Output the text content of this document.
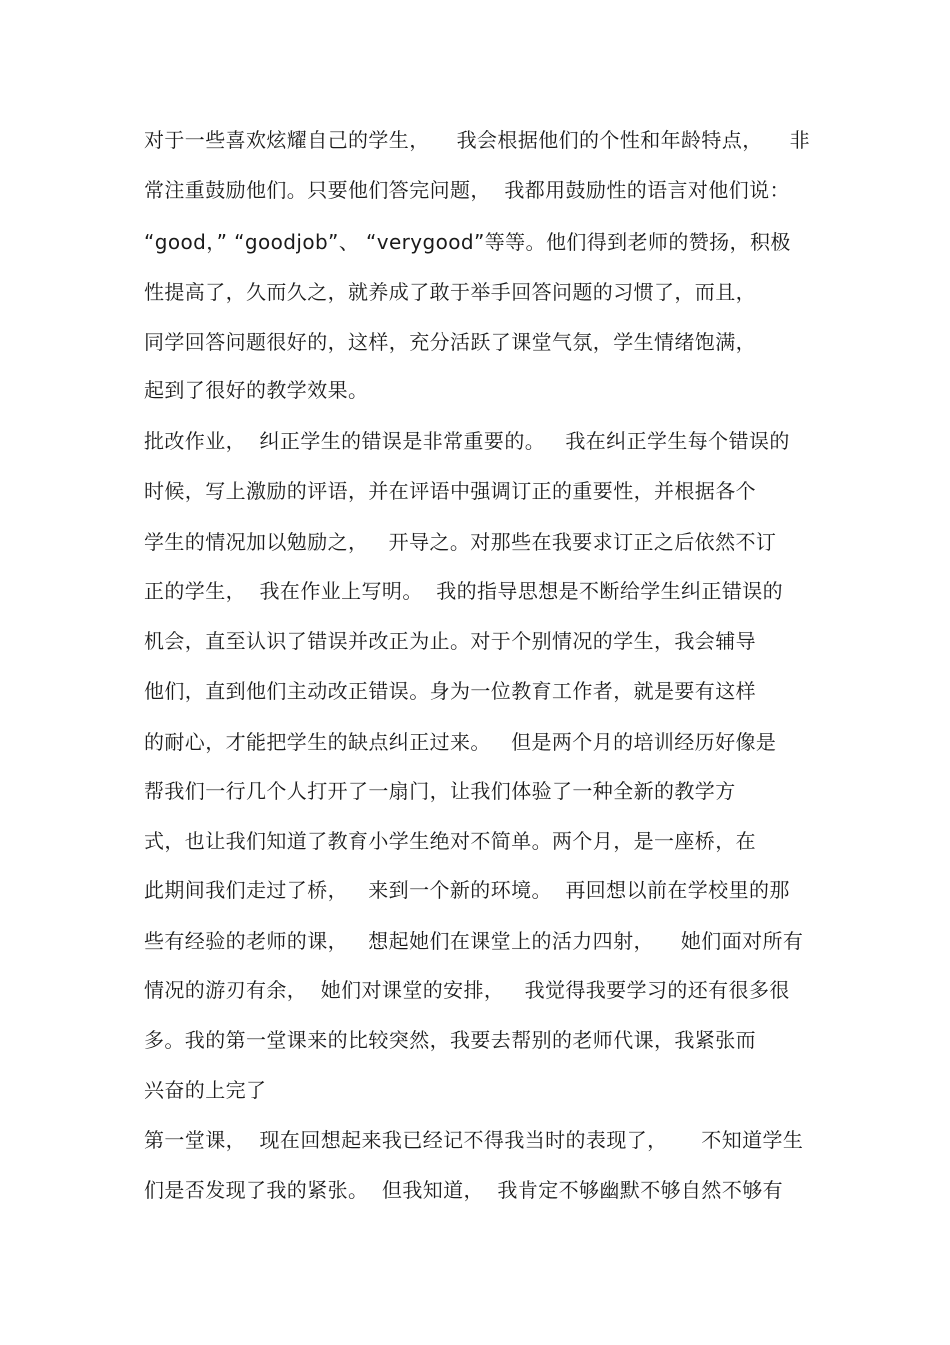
对于一些喜欢炫耀自己的学生，    我会根据他们的个性和年龄特点，    非
常注重鼓励他们。只要他们答完问题，  我都用鼓励性的语言对他们说：
“good，” “goodjob”、 “verygood”等等。他们得到老师的赞扬，积极
性提高了，久而久之，就养成了敢于举手回答问题的习惯了，而且，
同学回答问题很好的，这样，充分活跃了课堂气氛，学生情绪饱满，
起到了很好的教学效果。
批改作业，  纠正学生的错误是非常重要的。   我在纠正学生每个错误的
时候，写上激励的评语，并在评语中强调订正的重要性，并根据各个
学生的情况加以勉励之，   开导之。对那些在我要求订正之后依然不订
正的学生，  我在作业上写明。  我的指导思想是不断给学生纠正错误的
机会，直至认识了错误并改正为止。对于个别情况的学生，我会辅导
他们，直到他们主动改正错误。身为一位教育工作者，就是要有这样
的耐心，才能把学生的缺点纠正过来。   但是两个月的培训经历好像是
帮我们一行几个人打开了一扇门，让我们体验了一种全新的教学方
式，也让我们知道了教育小学生绝对不简单。两个月，是一座桥，在
此期间我们走过了桥，   来到一个新的环境。  再回想以前在学校里的那
些有经验的老师的课，   想起她们在课堂上的活力四射，    她们面对所有
情况的游刃有余，  她们对课堂的安排，   我觉得我要学习的还有很多很
多。我的第一堂课来的比较突然，我要去帮别的老师代课，我紧张而
兴奋的上完了
第一堂课，  现在回想起来我已经记不得我当时的表现了，     不知道学生
们是否发现了我的紧张。  但我知道，  我肯定不够幽默不够自然不够有
